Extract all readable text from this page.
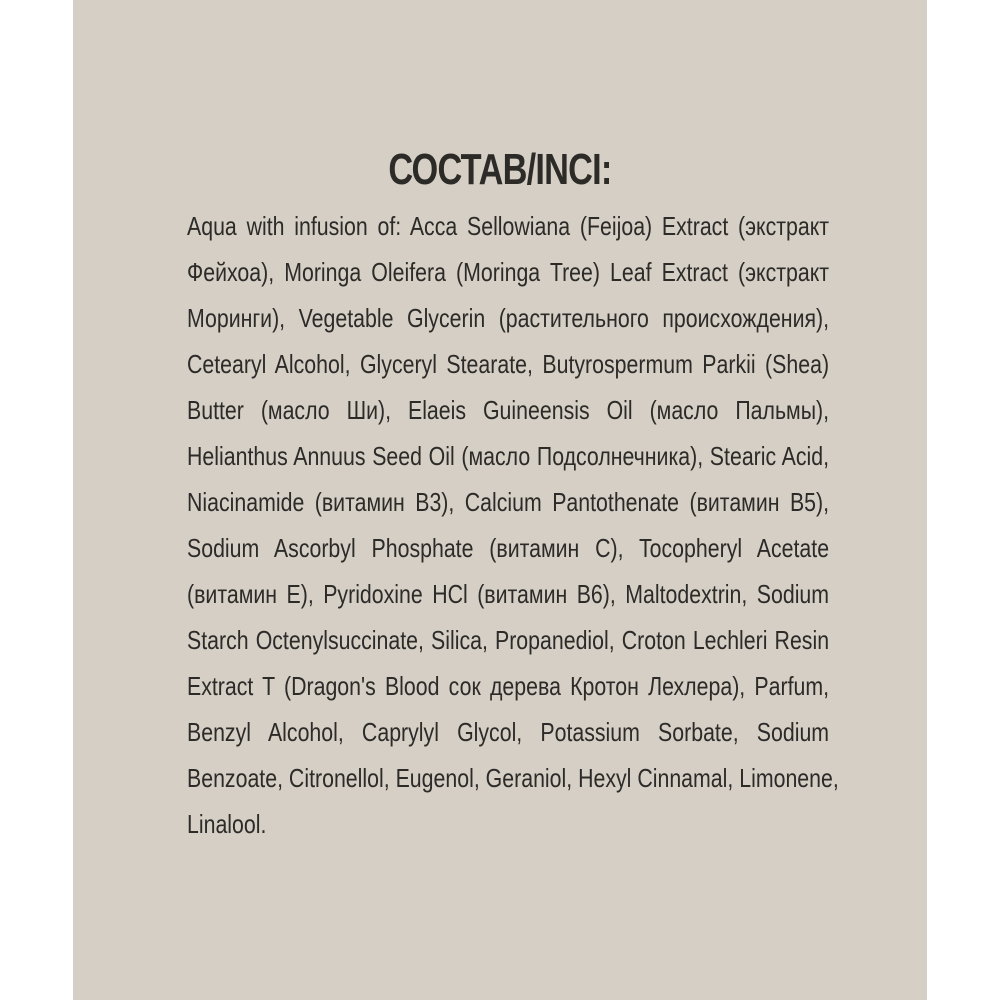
СОСТАВ/INCI:
Aqua with infusion of: Acca Sellowiana (Feijoa) Extract (экстракт
Фейхоа), Moringa Oleifera (Moringa Tree) Leaf Extract (экстракт
Моринги), Vegetable Glycerin (растительного происхождения),
Cetearyl Alcohol, Glyceryl Stearate, Butyrospermum Parkii (Shea)
Butter (масло Ши), Elaeis Guineensis Oil (масло Пальмы),
Helianthus Annuus Seed Oil (масло Подсолнечника), Stearic Acid,
Niacinamide (витамин В3), Calcium Pantothenate (витамин В5),
Sodium Ascorbyl Phosphate (витамин С), Tocopheryl Acetate
(витамин Е), Pyridoxine HCl (витамин В6), Maltodextrin, Sodium
Starch Octenylsuccinate, Silica, Propanediol, Croton Lechleri Resin
Extract T (Dragon's Blood сок дерева Кротон Лехлера), Parfum,
Benzyl Alcohol, Caprylyl Glycol, Potassium Sorbate, Sodium
Benzoate, Citronellol, Eugenol, Geraniol, Hexyl Cinnamal, Limonene,
Linalool.
